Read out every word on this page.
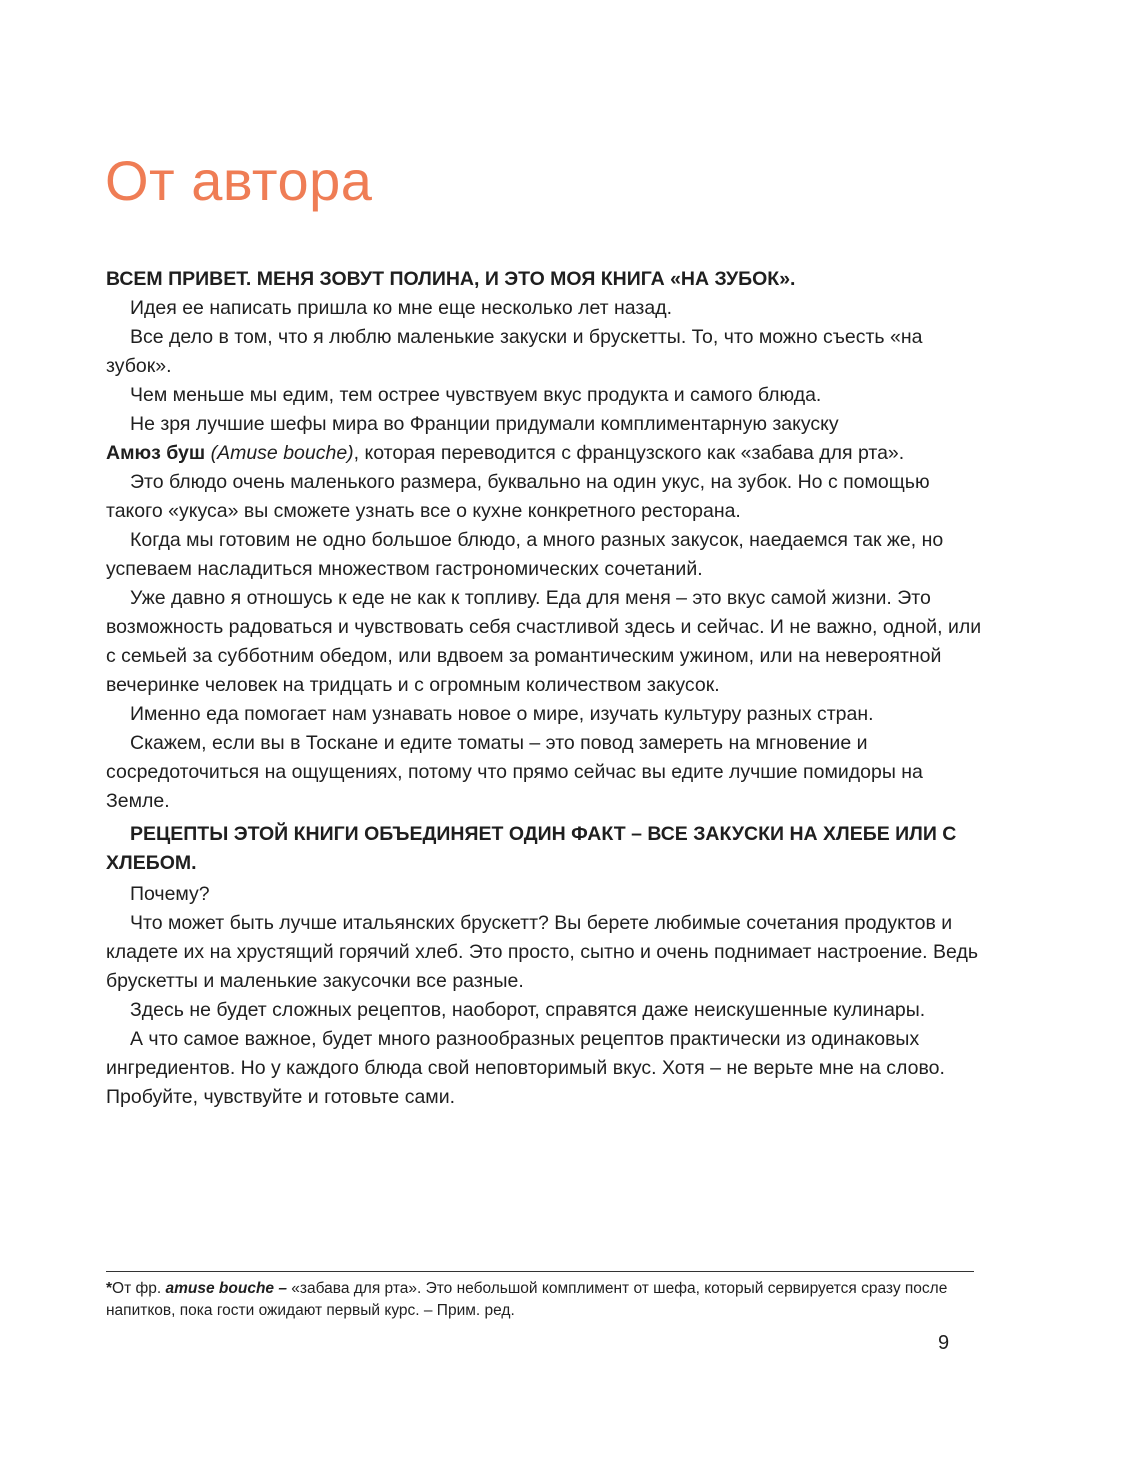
От автора

ВСЕМ ПРИВЕТ. МЕНЯ ЗОВУТ ПОЛИНА, И ЭТО МОЯ КНИГА «НА ЗУБОК».

Идея ее написать пришла ко мне еще несколько лет назад.

Все дело в том, что я люблю маленькие закуски и брускетты. То, что можно съесть «на зубок».

Чем меньше мы едим, тем острее чувствуем вкус продукта и самого блюда.

Не зря лучшие шефы мира во Франции придумали комплиментарную закуску
Амюз буш (Amuse bouche), которая переводится с французского как «забава для рта».

Это блюдо очень маленького размера, буквально на один укус, на зубок. Но с помощью такого «укуса» вы сможете узнать все о кухне конкретного ресторана.

Когда мы готовим не одно большое блюдо, а много разных закусок, наедаемся так же, но успеваем насладиться множеством гастрономических сочетаний.

Уже давно я отношусь к еде не как к топливу. Еда для меня – это вкус самой жизни. Это возможность радоваться и чувствовать себя счастливой здесь и сейчас. И не важно, одной, или с семьей за субботним обедом, или вдвоем за романтическим ужином, или на невероятной вечеринке человек на тридцать и с огромным количеством закусок.

Именно еда помогает нам узнавать новое о мире, изучать культуру разных стран.

Скажем, если вы в Тоскане и едите томаты – это повод замереть на мгновение и сосредоточиться на ощущениях, потому что прямо сейчас вы едите лучшие помидоры на Земле.

РЕЦЕПТЫ ЭТОЙ КНИГИ ОБЪЕДИНЯЕТ ОДИН ФАКТ – ВСЕ ЗАКУСКИ НА ХЛЕБЕ ИЛИ С ХЛЕБОМ.

Почему?

Что может быть лучше итальянских брускетт? Вы берете любимые сочетания продуктов и кладете их на хрустящий горячий хлеб. Это просто, сытно и очень поднимает настроение. Ведь брускетты и маленькие закусочки все разные.

Здесь не будет сложных рецептов, наоборот, справятся даже неискушенные кулинары.

А что самое важное, будет много разнообразных рецептов практически из одинаковых ингредиентов. Но у каждого блюда свой неповторимый вкус. Хотя – не верьте мне на слово. Пробуйте, чувствуйте и готовьте сами.

*От фр. amuse bouche – «забава для рта». Это небольшой комплимент от шефа, который сервируется сразу после напитков, пока гости ожидают первый курс. – Прим. ред.

9
